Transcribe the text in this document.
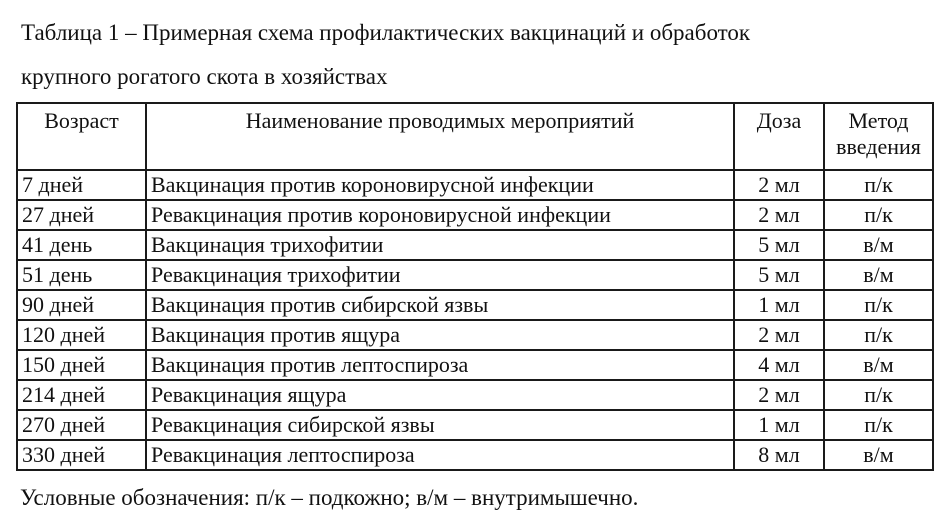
Таблица 1 – Примерная схема профилактических вакцинаций и обработок
крупного рогатого скота в хозяйствах
Возраст	Наименование проводимых мероприятий	Доза	Метод
введения

7 дней	Вакцинация против короновирусной инфекции	2 мл	п/к
27 дней	Ревакцинация против короновирусной инфекции	2 мл	п/к
41 день	Вакцинация трихофитии	5 мл	в/м
51 день	Ревакцинация трихофитии	5 мл	в/м
90 дней	Вакцинация против сибирской язвы	1 мл	п/к
120 дней	Вакцинация против ящура	2 мл	п/к
150 дней	Вакцинация против лептоспироза	4 мл	в/м
214 дней	Ревакцинация ящура	2 мл	п/к
270 дней	Ревакцинация сибирской язвы	1 мл	п/к
330 дней	Ревакцинация лептоспироза	8 мл	в/м
Условные обозначения: п/к – подкожно; в/м – внутримышечно.
